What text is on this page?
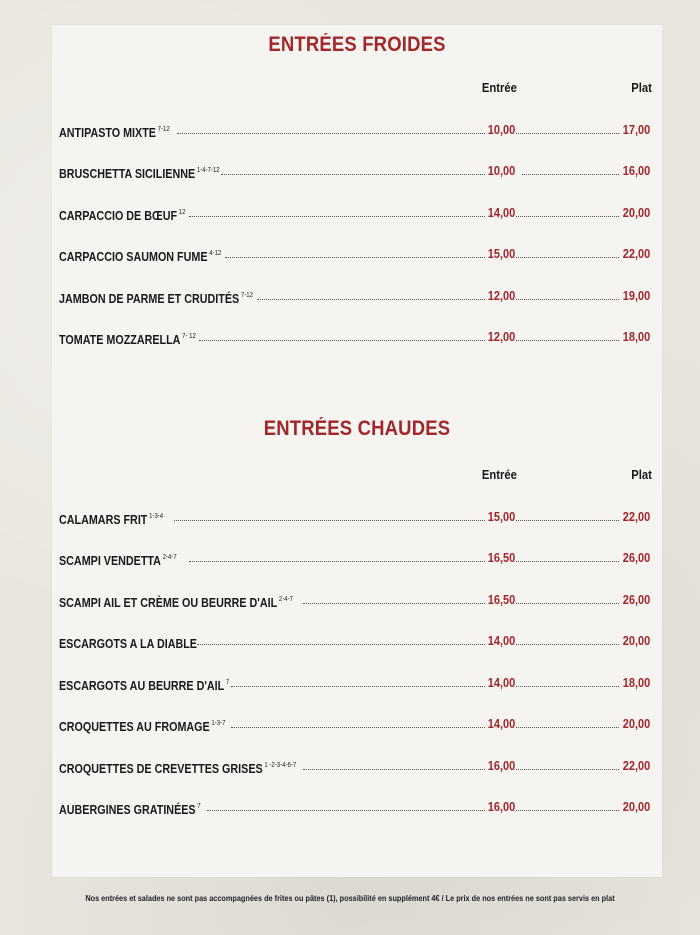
ENTRÉES FROIDES
Entrée	Plat
ANTIPASTO MIXTE $^{7-12}$	10,00	17,00
BRUSCHETTA SICILIENNE $^{1-4-7-12}$	10,00	16,00
CARPACCIO DE BŒUF $^{12}$	14,00	20,00
CARPACCIO SAUMON FUME $^{4-12}$	15,00	22,00
JAMBON DE PARME ET CRUDITÉS $^{7-12}$	12,00	19,00
TOMATE MOZZARELLA $^{7- 12}$	12,00	18,00
ENTRÉES CHAUDES
Entrée	Plat
CALAMARS FRIT $^{1-3-4}$	15,00	22,00
SCAMPI VENDETTA $^{2-4-7}$	16,50	26,00
SCAMPI AIL ET CRÈME OU BEURRE D'AIL $^{2-4-7}$	16,50	26,00
ESCARGOTS A LA DIABLE	14,00	20,00
ESCARGOTS AU BEURRE D'AIL $^7$	14,00	18,00
CROQUETTES AU FROMAGE $^{1-3-7}$	14,00	20,00
CROQUETTES DE CREVETTES GRISES $^{1 -2-3-4-6-7}$	16,00	22,00
AUBERGINES GRATINÉES $^7$	16,00	20,00
Nos entrées et salades ne sont pas accompagnées de frites ou pâtes (1), possibilité en supplément 4€ / Le prix de nos entrées ne sont pas servis en plat
